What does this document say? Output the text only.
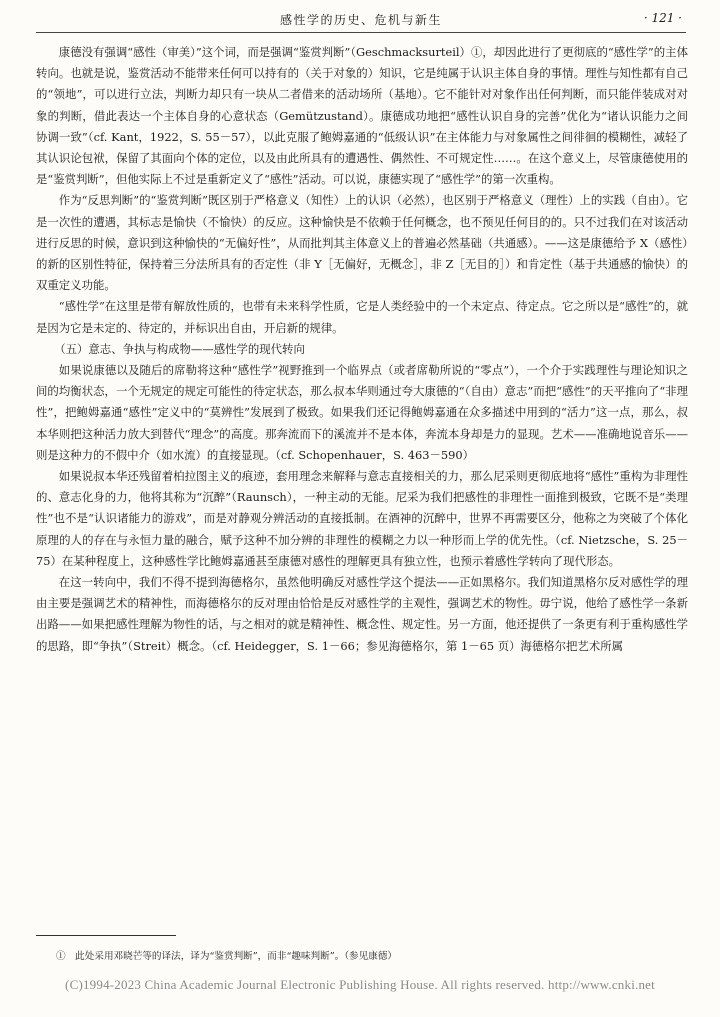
感性学的历史、危机与新生	· 121 ·

康德没有强调“感性（审美）”这个词，而是强调“鉴赏判断”（Geschmacksurteil）①，却因此进行了更彻底的“感性学”的主体转向。也就是说，鉴赏活动不能带来任何可以持有的（关于对象的）知识，它是纯属于认识主体自身的事情。理性与知性都有自己的“领地”，可以进行立法，判断力却只有一块从二者借来的活动场所（基地）。它不能针对对象作出任何判断，而只能伴装成对对象的判断，借此表达一个主体自身的心意状态（Gemützustand）。康德成功地把“感性认识自身的完善”优化为“诸认识能力之间协调一致”（cf. Kant，1922，S. 55－57），以此克服了鲍姆嘉通的“低级认识”在主体能力与对象属性之间徘徊的模糊性，减轻了其认识论包袱，保留了其面向个体的定位，以及由此所具有的遭遇性、偶然性、不可规定性……。在这个意义上，尽管康德使用的是“鉴赏判断”，但他实际上不过是重新定义了“感性”活动。可以说，康德实现了“感性学”的第一次重构。

作为“反思判断”的“鉴赏判断”既区别于严格意义（知性）上的认识（必然），也区别于严格意义（理性）上的实践（自由）。它是一次性的遭遇，其标志是愉快（不愉快）的反应。这种愉快是不依赖于任何概念，也不预见任何目的的。只不过我们在对该活动进行反思的时候，意识到这种愉快的“无偏好性”，从而批判其主体意义上的普遍必然基础（共通感）。——这是康德给予 X（感性）的新的区别性特征，保持着三分法所具有的否定性（非 Y［无偏好，无概念］，非 Z［无目的］）和肯定性（基于共通感的愉快）的双重定义功能。

“感性学”在这里是带有解放性质的，也带有未来科学性质，它是人类经验中的一个未定点、待定点。它之所以是“感性”的，就是因为它是未定的、待定的，并标识出自由，开启新的规律。

（五）意志、争执与构成物——感性学的现代转向

如果说康德以及随后的席勒将这种“感性学”视野推到一个临界点（或者席勒所说的“零点”），一个介于实践理性与理论知识之间的均衡状态，一个无规定的规定可能性的待定状态，那么叔本华则通过夸大康德的“（自由）意志”而把“感性”的天平推向了“非理性”，把鲍姆嘉通“感性”定义中的“莫辨性”发展到了极致。如果我们还记得鲍姆嘉通在众多描述中用到的“活力”这一点，那么，叔本华则把这种活力放大到替代“理念”的高度。那奔流而下的溪流并不是本体，奔流本身却是力的显现。艺术——准确地说音乐——则是这种力的不假中介（如水流）的直接显现。（cf. Schopenhauer，S. 463－590）

如果说叔本华还残留着柏拉图主义的痕迹，套用理念来解释与意志直接相关的力，那么尼采则更彻底地将“感性”重构为非理性的、意志化身的力，他将其称为“沉醉”（Raunsch），一种主动的无能。尼采为我们把感性的非理性一面推到极致，它既不是“类理性”也不是“认识诸能力的游戏”，而是对静观分辨活动的直接抵制。在酒神的沉醉中，世界不再需要区分，他称之为突破了个体化原理的人的存在与永恒力量的融合，赋予这种不加分辨的非理性的模糊之力以一种形而上学的优先性。（cf. Nietzsche，S. 25－75）在某种程度上，这种感性学比鲍姆嘉通甚至康德对感性的理解更具有独立性，也预示着感性学转向了现代形态。

在这一转向中，我们不得不提到海德格尔，虽然他明确反对感性学这个提法——正如黑格尔。我们知道黑格尔反对感性学的理由主要是强调艺术的精神性，而海德格尔的反对理由恰恰是反对感性学的主观性，强调艺术的物性。毋宁说，他给了感性学一条新出路——如果把感性理解为物性的话，与之相对的就是精神性、概念性、规定性。另一方面，他还提供了一条更有利于重构感性学的思路，即“争执”（Streit）概念。（cf. Heidegger，S. 1－66；参见海德格尔，第 1－65 页）海德格尔把艺术所属

①　此处采用邓晓芒等的译法，译为“鉴赏判断”，而非“趣味判断”。（参见康德）
(C)1994-2023 China Academic Journal Electronic Publishing House. All rights reserved. http://www.cnki.net
